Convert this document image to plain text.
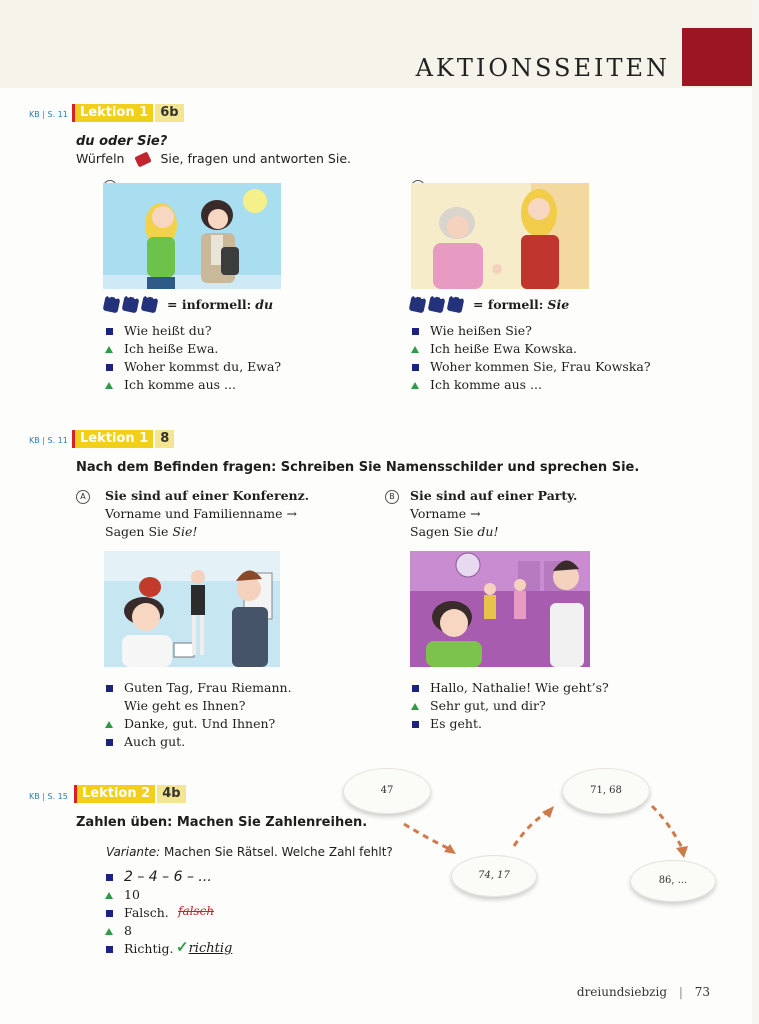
AKTIONSSEITEN
KB | S. 11 Lektion 1 6b
du oder Sie?
Würfeln	Sie, fragen und antworten Sie.
• •
• •
• •
= informell: du
Wie heißt du?
Ich heiße Ewa.
Woher kommst du, Ewa?
Ich komme aus ...
• •
• •
• •
= formell: Sie
Wie heißen Sie?
Ich heiße Ewa Kowska.
Woher kommen Sie, Frau Kowska?
Ich komme aus ...
KB | S. 11 Lektion 1 8
Nach dem Befinden fragen: Schreiben Sie Namensschilder und sprechen Sie.
A	Sie sind auf einer Konferenz.
Vorname und Familienname →
Sagen Sie Sie!
Guten Tag, Frau Riemann.
Wie geht es Ihnen?
Danke, gut. Und Ihnen?
Auch gut.
B	Sie sind auf einer Party.
Vorname →
Sagen Sie du!
Hallo, Nathalie! Wie geht’s?
Sehr gut, und dir?
Es geht.
KB | S. 15	Lektion 2 4b
Zahlen üben: Machen Sie Zahlenreihen.
Variante: Machen Sie Rätsel. Welche Zahl fehlt?
2 – 4 – 6 – ...
10
Falsch.
8
Richtig.
falsch
✓richtig
47
74, 17
71, 68
86, ...
dreiundsiebzig | 73
